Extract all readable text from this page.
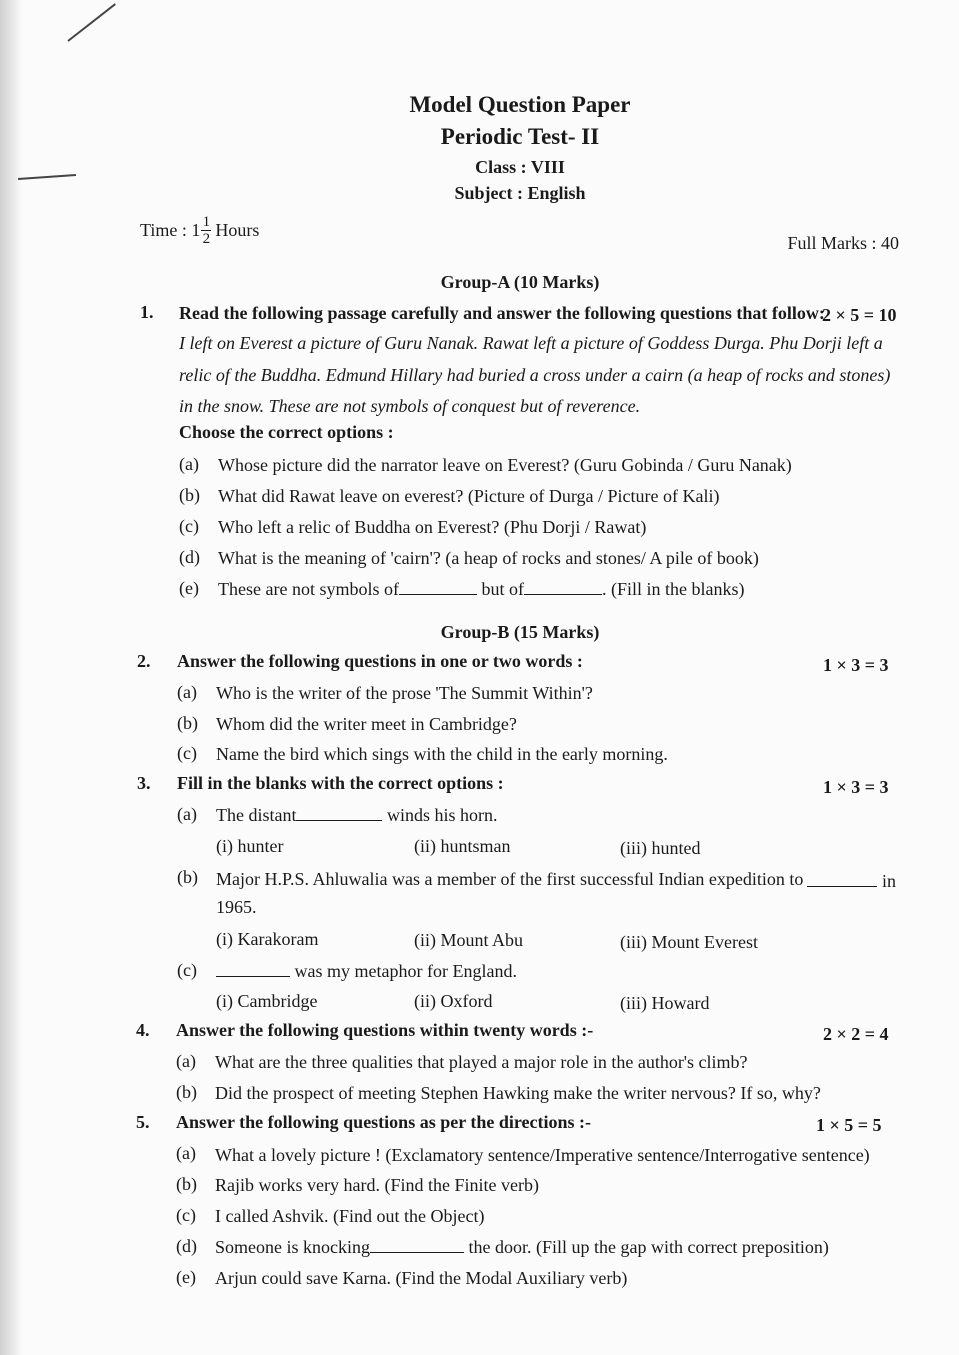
Model Question Paper
Periodic Test- II
Class : VIII
Subject : English
Time : $1 \frac{1}{2}$ Hours
Full Marks : 40
Group-A (10 Marks)
1. Read the following passage carefully and answer the following questions that follow:
2 × 5 = 10
I left on Everest a picture of Guru Nanak. Rawat left a picture of Goddess Durga. Phu Dorji left a relic of the Buddha. Edmund Hillary had buried a cross under a cairn (a heap of rocks and stones) in the snow. These are not symbols of conquest but of reverence.
Choose the correct options :
(a) Whose picture did the narrator leave on Everest? (Guru Gobinda / Guru Nanak)
(b) What did Rawat leave on everest? (Picture of Durga / Picture of Kali)
(c) Who left a relic of Buddha on Everest? (Phu Dorji / Rawat)
(d) What is the meaning of 'cairn'? (a heap of rocks and stones/ A pile of book)
(e) These are not symbols of	but of	. (Fill in the blanks)
Group-B (15 Marks)
2. Answer the following questions in one or two words :	1 × 3 = 3
(a) Who is the writer of the prose 'The Summit Within'?
(b) Whom did the writer meet in Cambridge?
(c) Name the bird which sings with the child in the early morning.
3. Fill in the blanks with the correct options :	1 × 3 = 3
(a) The distant	winds his horn.
(i) hunter	(ii) huntsman	(iii) hunted
(b) Major H.P.S. Ahluwalia was a member of the first successful Indian expedition to	in
1965.
(i) Karakoram	(ii) Mount Abu	(iii) Mount Everest
(c)	was my metaphor for England.
(i) Cambridge	(ii) Oxford	(iii) Howard
4. Answer the following questions within twenty words :-	2 × 2 = 4
(a) What are the three qualities that played a major role in the author's climb?
(b) Did the prospect of meeting Stephen Hawking make the writer nervous? If so, why?
5. Answer the following questions as per the directions :-	1 × 5 = 5
(a) What a lovely picture ! (Exclamatory sentence/Imperative sentence/Interrogative sentence)
(b) Rajib works very hard. (Find the Finite verb)
(c) I called Ashvik. (Find out the Object)
(d) Someone is knocking	the door. (Fill up the gap with correct preposition)
(e) Arjun could save Karna. (Find the Modal Auxiliary verb)
